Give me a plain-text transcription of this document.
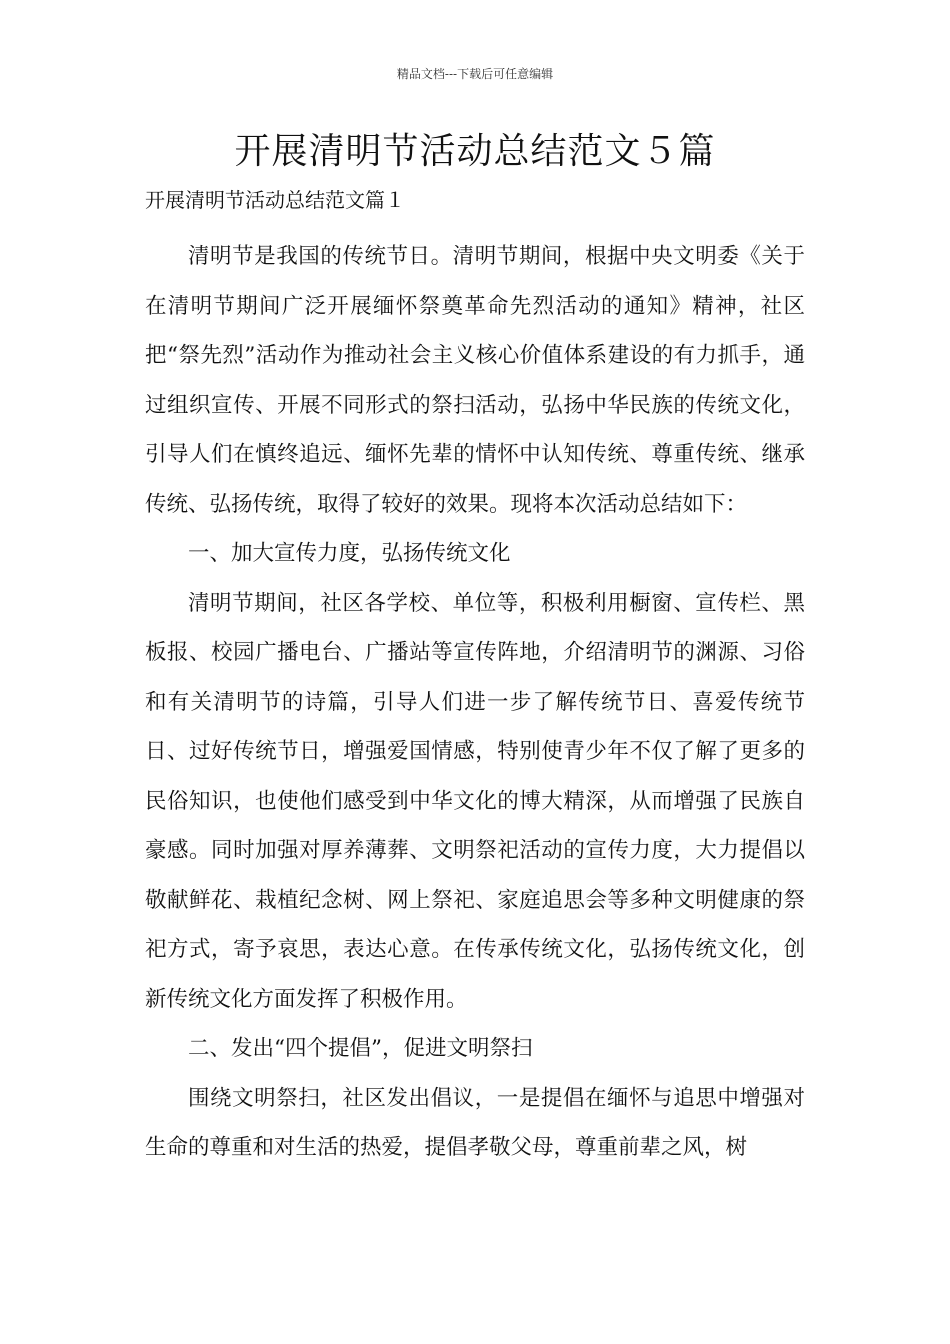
精品文档---下载后可任意编辑
开展清明节活动总结范文５篇
开展清明节活动总结范文篇１

清明节是我国的传统节日。清明节期间，根据中央文明委《关于在清明节期间广泛开展缅怀祭奠革命先烈活动的通知》精神，社区把“祭先烈”活动作为推动社会主义核心价值体系建设的有力抓手，通过组织宣传、开展不同形式的祭扫活动，弘扬中华民族的传统文化，引导人们在慎终追远、缅怀先辈的情怀中认知传统、尊重传统、继承传统、弘扬传统，取得了较好的效果。现将本次活动总结如下：

一、加大宣传力度，弘扬传统文化

清明节期间，社区各学校、单位等，积极利用橱窗、宣传栏、黑板报、校园广播电台、广播站等宣传阵地，介绍清明节的渊源、习俗和有关清明节的诗篇，引导人们进一步了解传统节日、喜爱传统节日、过好传统节日，增强爱国情感，特别使青少年不仅了解了更多的民俗知识，也使他们感受到中华文化的博大精深，从而增强了民族自豪感。同时加强对厚养薄葬、文明祭祀活动的宣传力度，大力提倡以敬献鲜花、栽植纪念树、网上祭祀、家庭追思会等多种文明健康的祭祀方式，寄予哀思，表达心意。在传承传统文化，弘扬传统文化，创新传统文化方面发挥了积极作用。

二、发出“四个提倡”，促进文明祭扫

围绕文明祭扫，社区发出倡议，一是提倡在缅怀与追思中增强对生命的尊重和对生活的热爱，提倡孝敬父母，尊重前辈之风，树
